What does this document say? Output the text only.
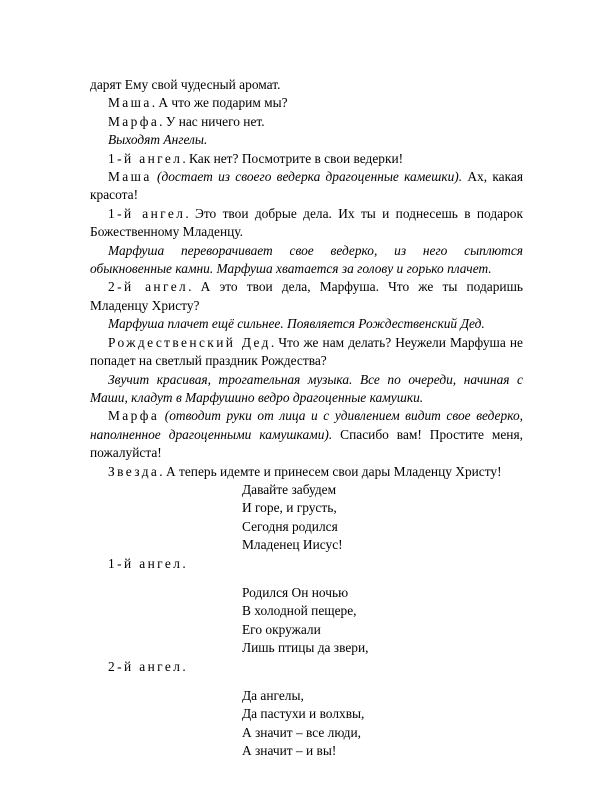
дарят Ему свой чудесный аромат.

Маша. А что же подарим мы?

Марфа. У нас ничего нет.

Выходят Ангелы.

1-й ангел. Как нет? Посмотрите в свои ведерки!

Маша (достает из своего ведерка драгоценные камешки). Ах, какая красота!

1-й ангел. Это твои добрые дела. Их ты и поднесешь в подарок Божественному Младенцу.

Марфуша переворачивает свое ведерко, из него сыплются обыкновенные камни. Марфуша хватается за голову и горько плачет.

2-й ангел. А это твои дела, Марфуша. Что же ты подаришь Младенцу Христу?

Марфуша плачет ещё сильнее. Появляется Рождественский Дед.

Рождественский Дед. Что же нам делать? Неужели Марфуша не попадет на светлый праздник Рождества?

Звучит красивая, трогательная музыка. Все по очереди, начиная с Маши, кладут в Марфушино ведро драгоценные камушки.

Марфа (отводит руки от лица и с удивлением видит свое ведерко, наполненное драгоценными камушками). Спасибо вам! Простите меня, пожалуйста!

Звезда. А теперь идемте и принесем свои дары Младенцу Христу!

Давайте забудем

И горе, и грусть,

Сегодня родился

Младенец Иисус!

1-й ангел.

Родился Он ночью

В холодной пещере,

Его окружали

Лишь птицы да звери,

2-й ангел.

Да ангелы,

Да пастухи и волхвы,

А значит – все люди,

А значит – и вы!
